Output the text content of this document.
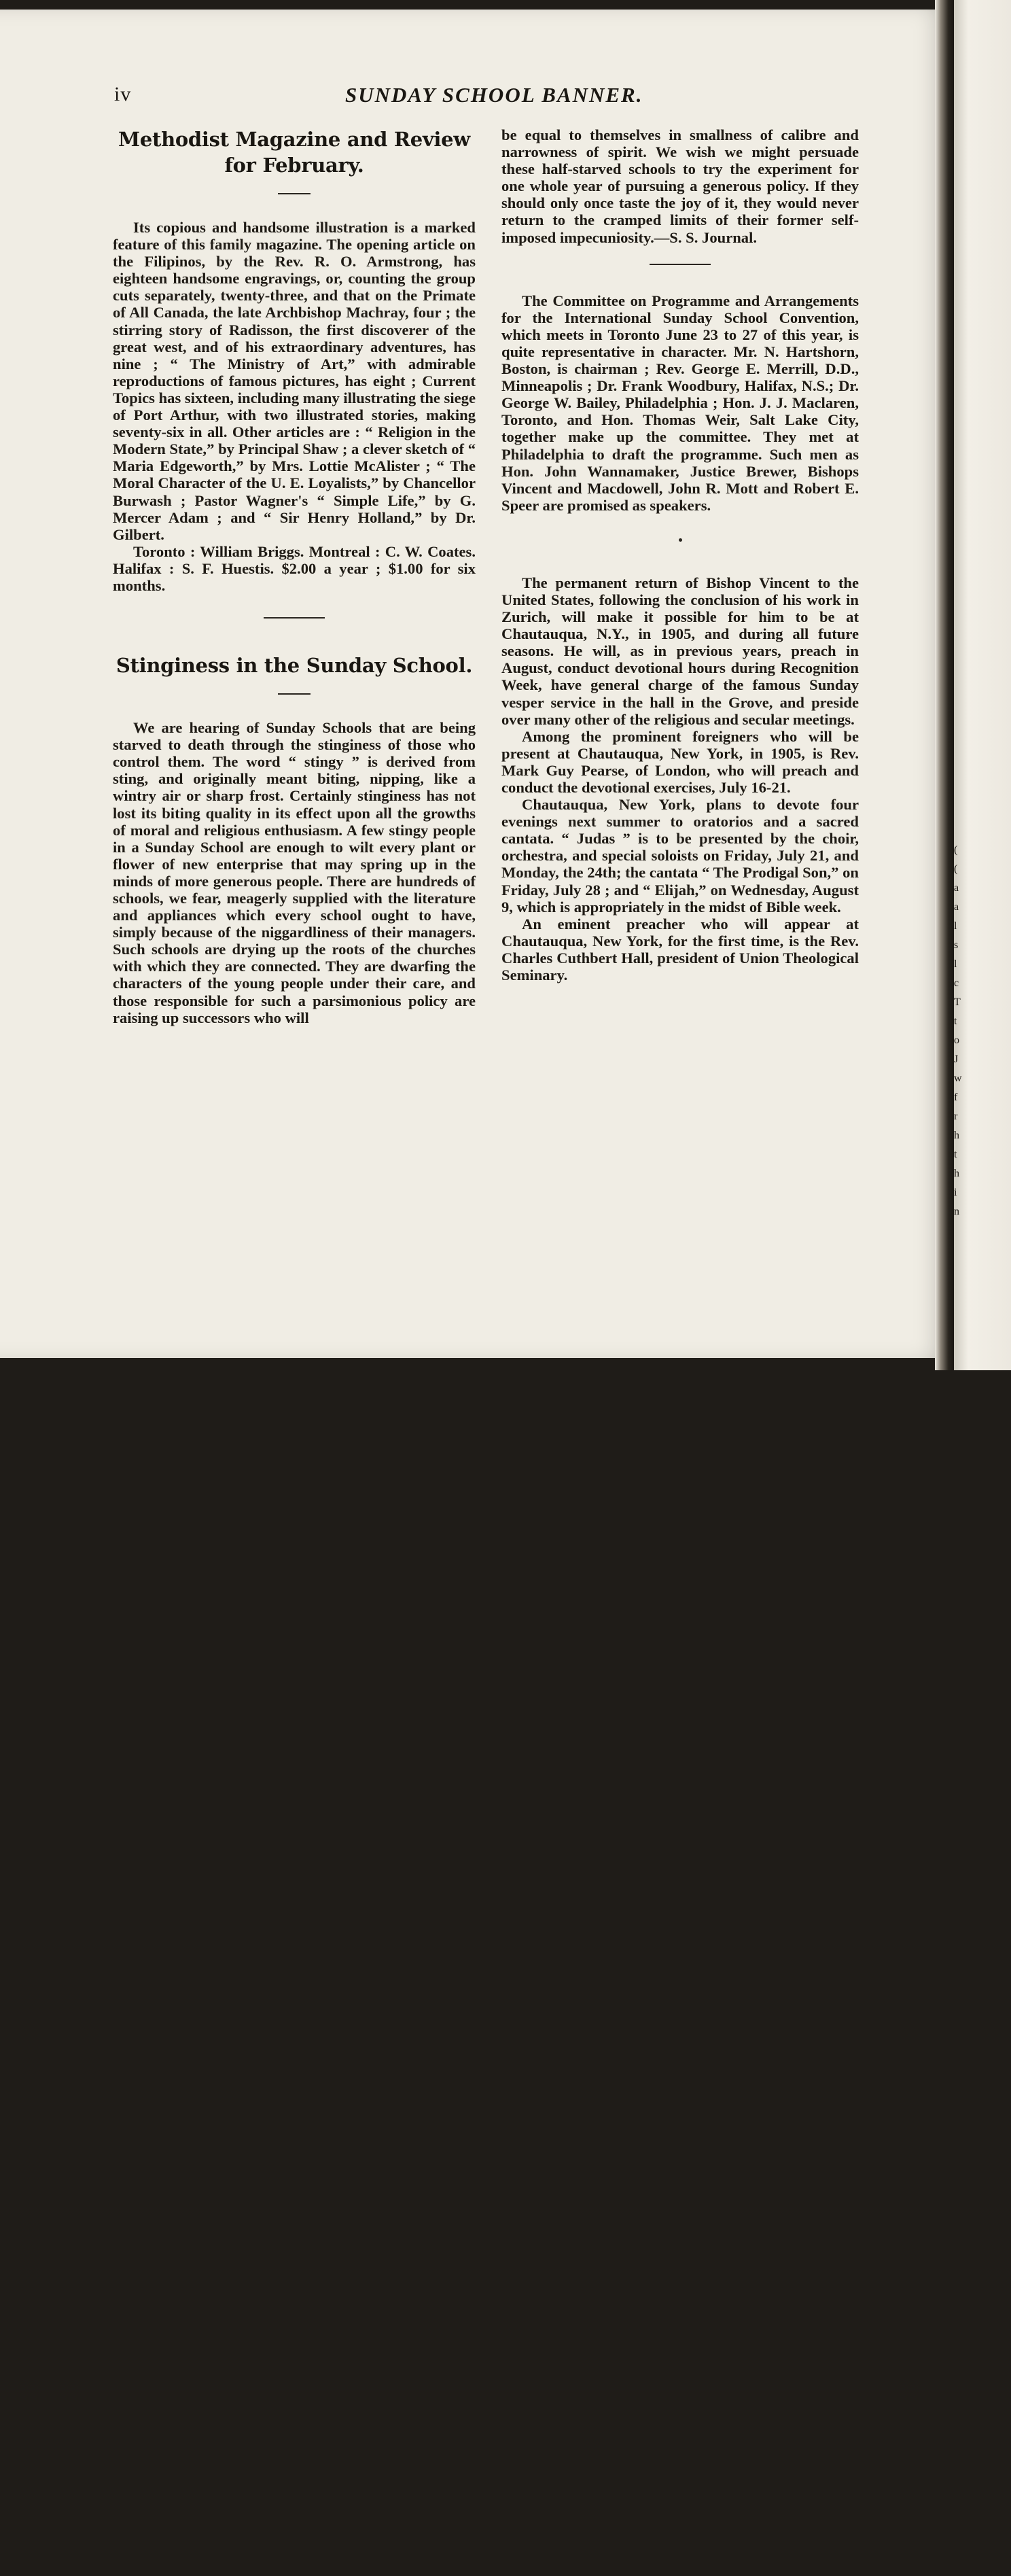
iv	SUNDAY SCHOOL BANNER.
Methodist Magazine and Review for February.

Its copious and handsome illustration is a marked feature of this family magazine. The opening article on the Filipinos, by the Rev. R. O. Armstrong, has eighteen handsome engravings, or, counting the group cuts separately, twenty-three, and that on the Primate of All Canada, the late Archbishop Machray, four ; the stirring story of Radisson, the first discoverer of the great west, and of his extraordinary adventures, has nine ; “ The Ministry of Art,” with admirable reproductions of famous pictures, has eight ; Current Topics has sixteen, including many illustrating the siege of Port Arthur, with two illustrated stories, making seventy-six in all. Other articles are : “ Religion in the Modern State,” by Principal Shaw ; a clever sketch of “ Maria Edgeworth,” by Mrs. Lottie McAlister ; “ The Moral Character of the U. E. Loyalists,” by Chancellor Burwash ; Pastor Wagner's “ Simple Life,” by G. Mercer Adam ; and “ Sir Henry Holland,” by Dr. Gilbert.

Toronto : William Briggs. Montreal : C. W. Coates. Halifax : S. F. Huestis. $2.00 a year ; $1.00 for six months.

Stinginess in the Sunday School.

We are hearing of Sunday Schools that are being starved to death through the stinginess of those who control them. The word “ stingy ” is derived from sting, and originally meant biting, nipping, like a wintry air or sharp frost. Certainly stinginess has not lost its biting quality in its effect upon all the growths of moral and religious enthusiasm. A few stingy people in a Sunday School are enough to wilt every plant or flower of new enterprise that may spring up in the minds of more generous people. There are hundreds of schools, we fear, meagerly supplied with the literature and appliances which every school ought to have, simply because of the niggardliness of their managers. Such schools are drying up the roots of the churches with which they are connected. They are dwarfing the characters of the young people under their care, and those responsible for such a parsimonious policy are raising up successors who will

be equal to themselves in smallness of calibre and narrowness of spirit. We wish we might persuade these half-starved schools to try the experiment for one whole year of pursuing a generous policy. If they should only once taste the joy of it, they would never return to the cramped limits of their former self-imposed impecuniosity.—S. S. Journal.

The Committee on Programme and Arrangements for the International Sunday School Convention, which meets in Toronto June 23 to 27 of this year, is quite representative in character. Mr. N. Hartshorn, Boston, is chairman ; Rev. George E. Merrill, D.D., Minneapolis ; Dr. Frank Woodbury, Halifax, N.S.; Dr. George W. Bailey, Philadelphia ; Hon. J. J. Maclaren, Toronto, and Hon. Thomas Weir, Salt Lake City, together make up the committee. They met at Philadelphia to draft the programme. Such men as Hon. John Wannamaker, Justice Brewer, Bishops Vincent and Macdowell, John R. Mott and Robert E. Speer are promised as speakers.

The permanent return of Bishop Vincent to the United States, following the conclusion of his work in Zurich, will make it possible for him to be at Chautauqua, N.Y., in 1905, and during all future seasons. He will, as in previous years, preach in August, conduct devotional hours during Recognition Week, have general charge of the famous Sunday vesper service in the hall in the Grove, and preside over many other of the religious and secular meetings.

Among the prominent foreigners who will be present at Chautauqua, New York, in 1905, is Rev. Mark Guy Pearse, of London, who will preach and conduct the devotional exercises, July 16-21.

Chautauqua, New York, plans to devote four evenings next summer to oratorios and a sacred cantata. “ Judas ” is to be presented by the choir, orchestra, and special soloists on Friday, July 21, and Monday, the 24th; the cantata “ The Prodigal Son,” on Friday, July 28 ; and “ Elijah,” on Wednesday, August 9, which is appropriately in the midst of Bible week.

An eminent preacher who will appear at Chautauqua, New York, for the first time, is the Rev. Charles Cuthbert Hall, president of Union Theological Seminary.

(
(
a
a
l
s
l
c
T
t
o
J
w
f
r
h
t
h
i
n
